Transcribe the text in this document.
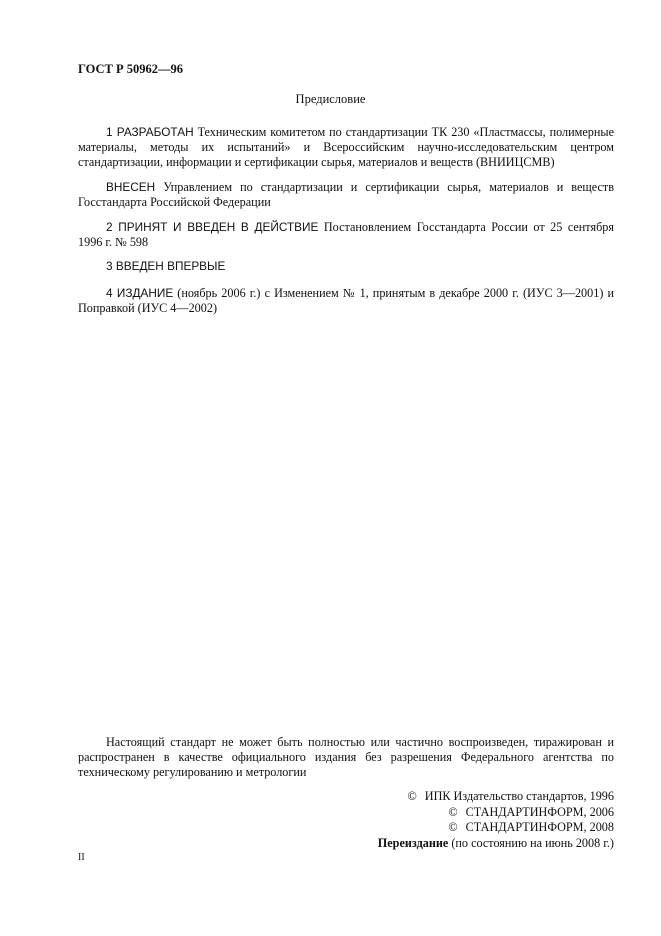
ГОСТ Р 50962—96
Предисловие
1 РАЗРАБОТАН Техническим комитетом по стандартизации ТК 230 «Пластмассы, полимерные материалы, методы их испытаний» и Всероссийским научно-исследовательским центром стандартизации, информации и сертификации сырья, материалов и веществ (ВНИИЦСМВ)
ВНЕСЕН Управлением по стандартизации и сертификации сырья, материалов и веществ Госстандарта Российской Федерации
2 ПРИНЯТ И ВВЕДЕН В ДЕЙСТВИЕ Постановлением Госстандарта России от 25 сентября 1996 г. № 598
3 ВВЕДЕН ВПЕРВЫЕ
4 ИЗДАНИЕ (ноябрь 2006 г.) с Изменением № 1, принятым в декабре 2000 г. (ИУС 3—2001) и Поправкой (ИУС 4—2002)
Настоящий стандарт не может быть полностью или частично воспроизведен, тиражирован и распространен в качестве официального издания без разрешения Федерального агентства по техническому регулированию и метрологии
© ИПК Издательство стандартов, 1996
© СТАНДАРТИНФОРМ, 2006
© СТАНДАРТИНФОРМ, 2008
Переиздание (по состоянию на июнь 2008 г.)
II
